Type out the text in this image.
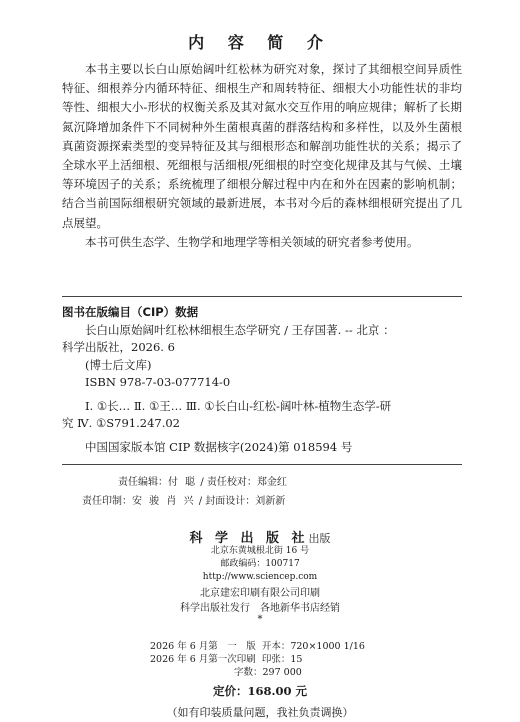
内 容 简 介

本书主要以长白山原始阔叶红松林为研究对象，探讨了其细根空间异质性特征、细根养分内循环特征、细根生产和周转特征、细根大小功能性状的非均等性、细根大小-形状的权衡关系及其对氮水交互作用的响应规律；解析了长期氮沉降增加条件下不同树种外生菌根真菌的群落结构和多样性，以及外生菌根真菌资源探索类型的变异特征及其与细根形态和解剖功能性状的关系；揭示了全球水平上活细根、死细根与活细根/死细根的时空变化规律及其与气候、土壤等环境因子的关系；系统梳理了细根分解过程中内在和外在因素的影响机制；结合当前国际细根研究领域的最新进展，本书对今后的森林细根研究提出了几点展望。

本书可供生态学、生物学和地理学等相关领域的研究者参考使用。

图书在版编目（CIP）数据
长白山原始阔叶红松林细根生态学研究 / 王存国著. -- 北京 ：
科学出版社，2026. 6
(博士后文库)
ISBN 978-7-03-077714-0
Ⅰ. ①长… Ⅱ. ①王… Ⅲ. ①长白山-红松-阔叶林-植物生态学-研
究 Ⅳ. ①S791.247.02
中国国家版本馆 CIP 数据核字(2024)第 018594 号
责任编辑：付 聪 / 责任校对：郑金红
责任印制：安 骏 肖 兴 / 封面设计：刘新新
科 学 出 版 社出版
北京东黄城根北街 16 号
邮政编码：100717
http://www.sciencep.com
北京建宏印刷有限公司印刷
科学出版社发行　各地新华书店经销
*
2026 年 6 月第　一　版 开本：720×1000 1/16
2026 年 6 月第一次印刷 印张：15
字数：297 000
定价：168.00 元
（如有印装质量问题，我社负责调换）
